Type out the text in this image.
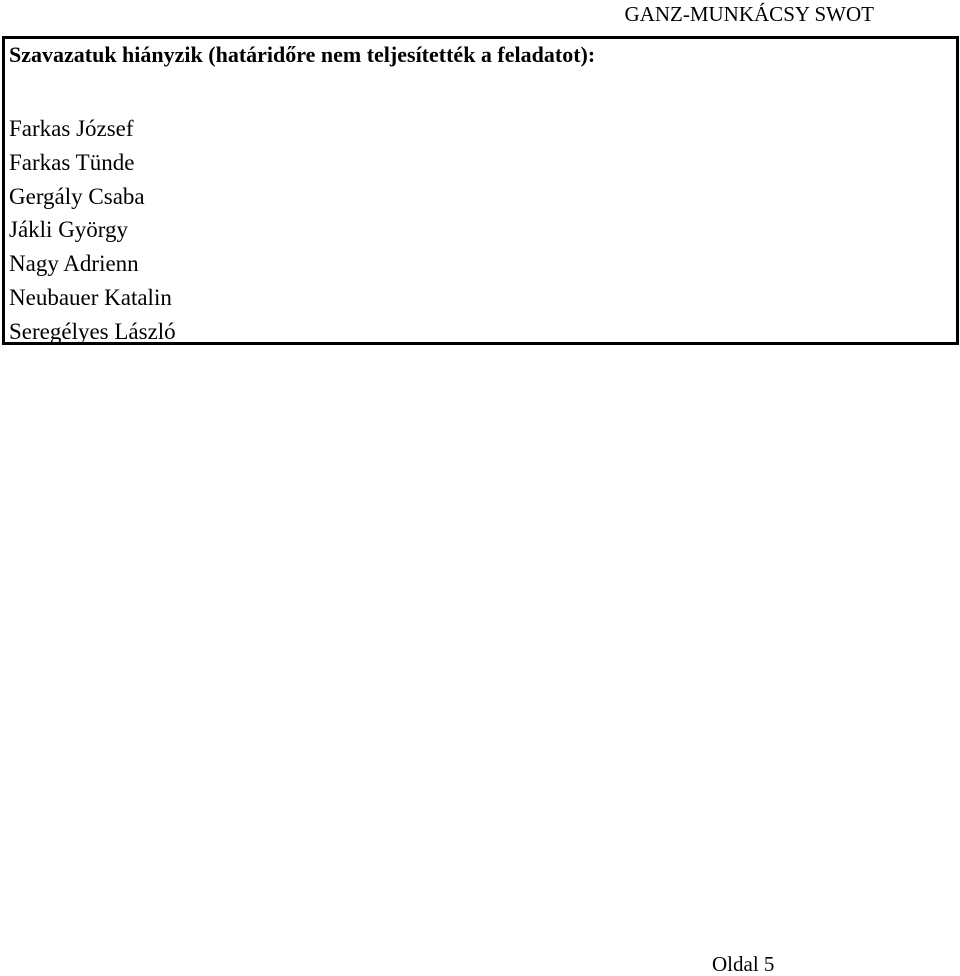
GANZ-MUNKÁCSY SWOT
Szavazatuk hiányzik (határidőre nem teljesítették a feladatot):
Farkas József
Farkas Tünde
Gergály Csaba
Jákli György
Nagy Adrienn
Neubauer Katalin
Seregélyes László
Oldal 5
